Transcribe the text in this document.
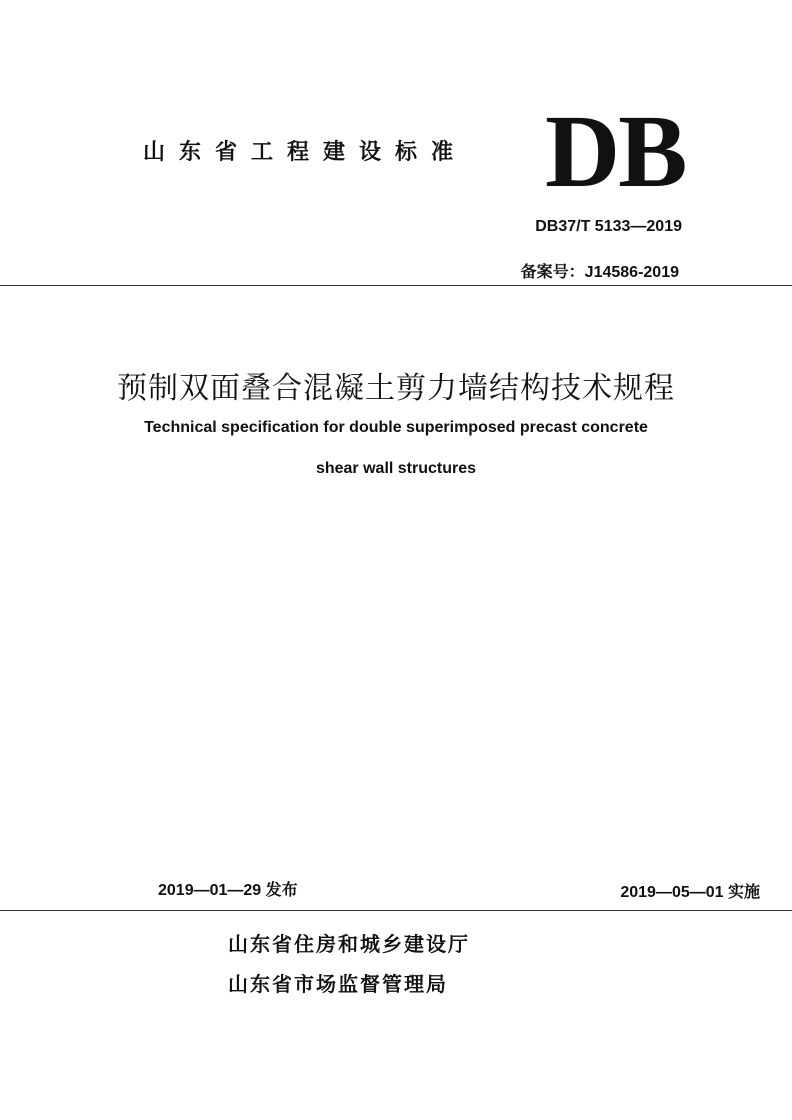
山东省工程建设标准 DB
DB37/T 5133—2019
备案号：J14586-2019
预制双面叠合混凝土剪力墙结构技术规程
Technical specification for double superimposed precast concrete
shear wall structures
2019—01—29 发布	2019—05—01 实施
山东省住房和城乡建设厅
山东省市场监督管理局
